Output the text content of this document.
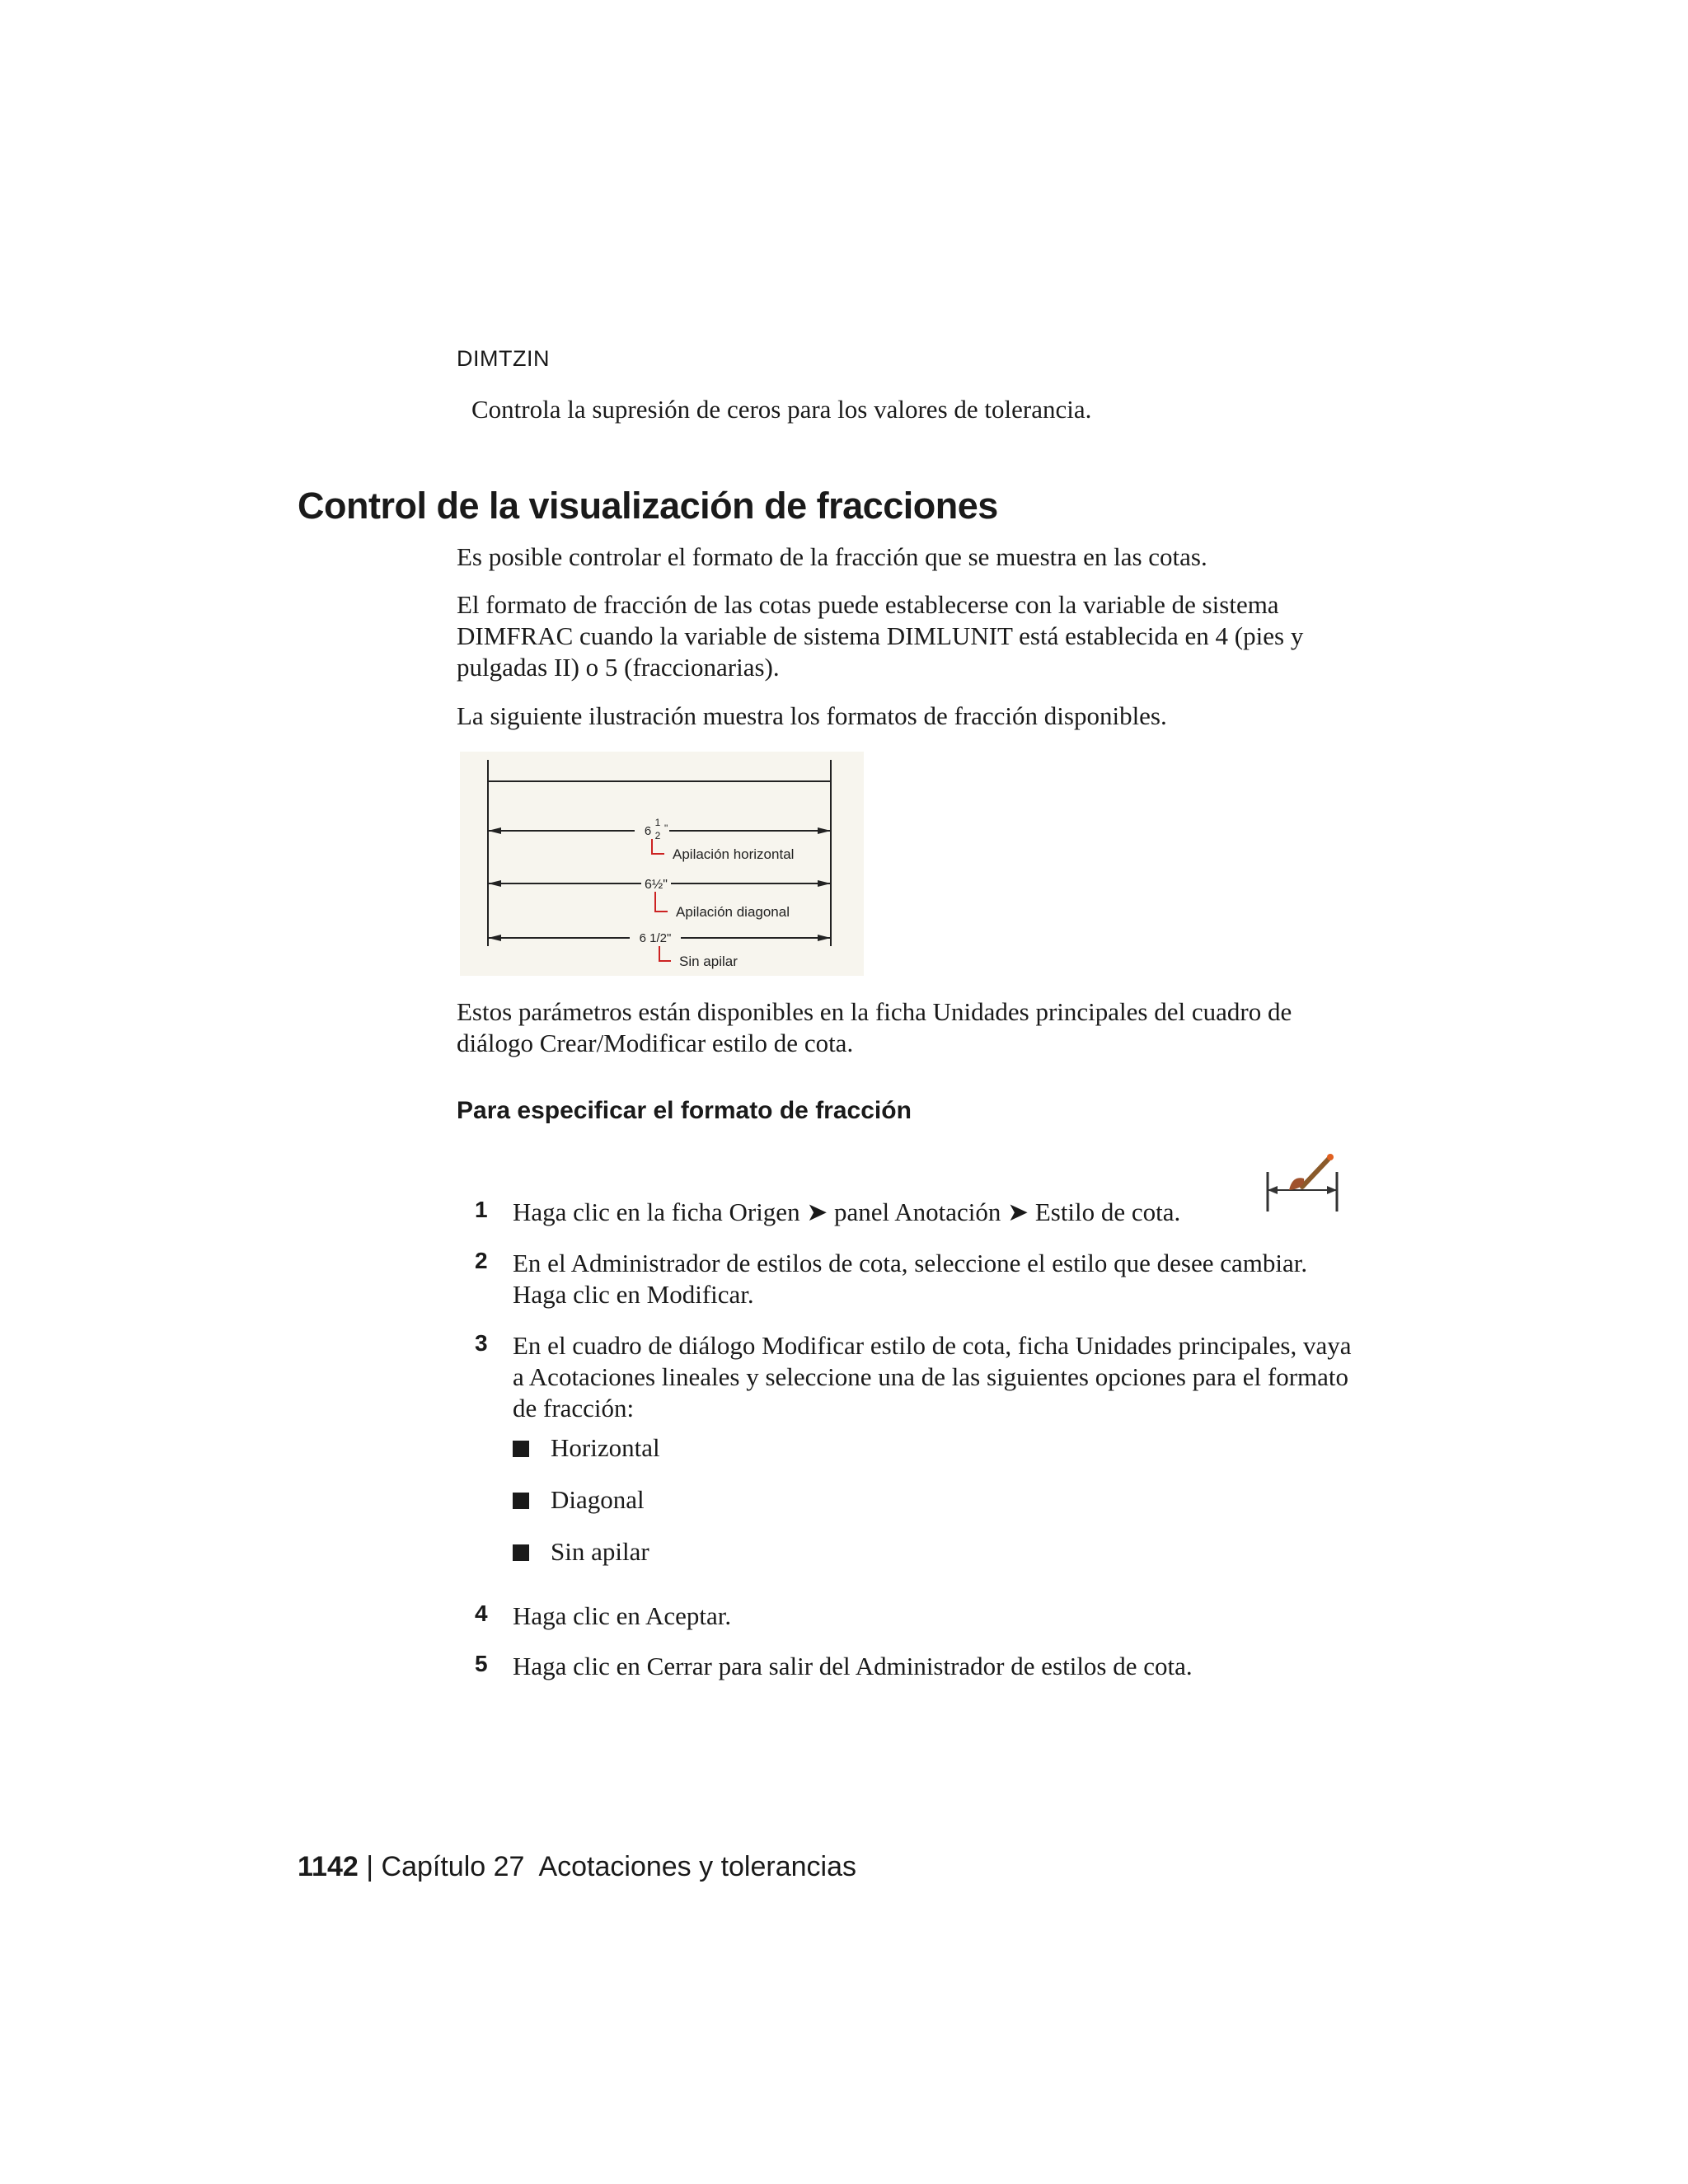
DIMTZIN
Controla la supresión de ceros para los valores de tolerancia.
Control de la visualización de fracciones

Es posible controlar el formato de la fracción que se muestra en las cotas.

El formato de fracción de las cotas puede establecerse con la variable de sistema DIMFRAC cuando la variable de sistema DIMLUNIT está establecida en 4 (pies y pulgadas II) o 5 (fraccionarias).

La siguiente ilustración muestra los formatos de fracción disponibles.

6
1
2
"
Apilación horizontal
6½"
Apilación diagonal
6 1/2"
Sin apilar

Estos parámetros están disponibles en la ficha Unidades principales del cuadro de diálogo Crear/Modificar estilo de cota.

Para especificar el formato de fracción
1 Haga clic en la ficha Origen ➤ panel Anotación ➤ Estilo de cota.
2 En el Administrador de estilos de cota, seleccione el estilo que desee cambiar. Haga clic en Modificar.
3 En el cuadro de diálogo Modificar estilo de cota, ficha Unidades principales, vaya a Acotaciones lineales y seleccione una de las siguientes opciones para el formato de fracción:
Horizontal
Diagonal
Sin apilar
4 Haga clic en Aceptar.
5 Haga clic en Cerrar para salir del Administrador de estilos de cota.
1142 | Capítulo 27 Acotaciones y tolerancias
